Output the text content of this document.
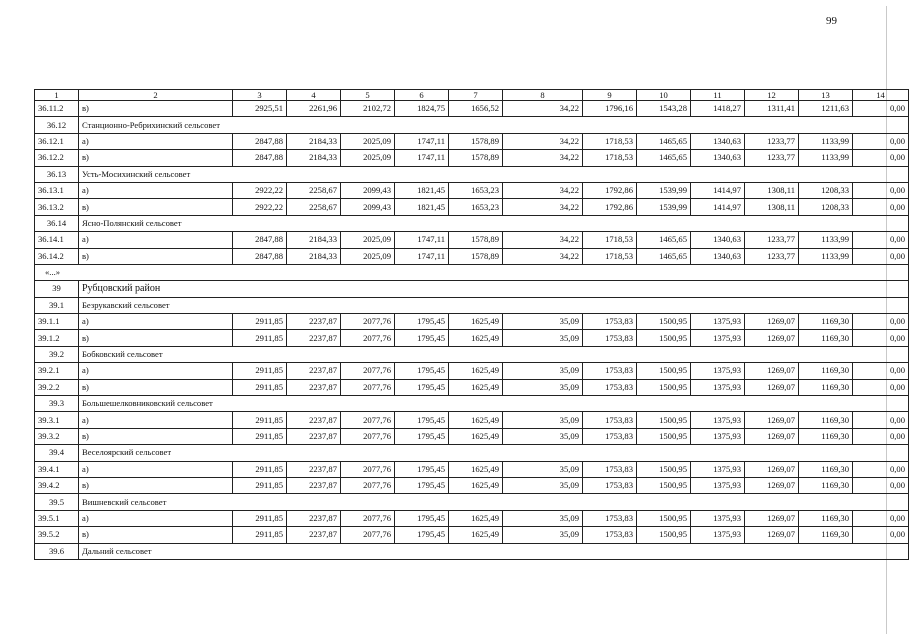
99
1	2	3	4	5	6	7	8	9	10	11	12	13	14
36.11.2	в)	2925,51	2261,96	2102,72	1824,75	1656,52	34,22	1796,16	1543,28	1418,27	1311,41	1211,63	0,00
36.12	Станционно-Ребрихинский сельсовет												
36.12.1	а)	2847,88	2184,33	2025,09	1747,11	1578,89	34,22	1718,53	1465,65	1340,63	1233,77	1133,99	0,00
36.12.2	в)	2847,88	2184,33	2025,09	1747,11	1578,89	34,22	1718,53	1465,65	1340,63	1233,77	1133,99	0,00
36.13	Усть-Мосихинский сельсовет												
36.13.1	а)	2922,22	2258,67	2099,43	1821,45	1653,23	34,22	1792,86	1539,99	1414,97	1308,11	1208,33	0,00
36.13.2	в)	2922,22	2258,67	2099,43	1821,45	1653,23	34,22	1792,86	1539,99	1414,97	1308,11	1208,33	0,00
36.14	Ясно-Полянский сельсовет												
36.14.1	а)	2847,88	2184,33	2025,09	1747,11	1578,89	34,22	1718,53	1465,65	1340,63	1233,77	1133,99	0,00
36.14.2	в)	2847,88	2184,33	2025,09	1747,11	1578,89	34,22	1718,53	1465,65	1340,63	1233,77	1133,99	0,00
«...»													
39	Рубцовский район												
39.1	Безрукавский сельсовет												
39.1.1	а)	2911,85	2237,87	2077,76	1795,45	1625,49	35,09	1753,83	1500,95	1375,93	1269,07	1169,30	0,00
39.1.2	в)	2911,85	2237,87	2077,76	1795,45	1625,49	35,09	1753,83	1500,95	1375,93	1269,07	1169,30	0,00
39.2	Бобковский сельсовет												
39.2.1	а)	2911,85	2237,87	2077,76	1795,45	1625,49	35,09	1753,83	1500,95	1375,93	1269,07	1169,30	0,00
39.2.2	в)	2911,85	2237,87	2077,76	1795,45	1625,49	35,09	1753,83	1500,95	1375,93	1269,07	1169,30	0,00
39.3	Большешелковниковский сельсовет												
39.3.1	а)	2911,85	2237,87	2077,76	1795,45	1625,49	35,09	1753,83	1500,95	1375,93	1269,07	1169,30	0,00
39.3.2	в)	2911,85	2237,87	2077,76	1795,45	1625,49	35,09	1753,83	1500,95	1375,93	1269,07	1169,30	0,00
39.4	Веселоярский сельсовет												
39.4.1	а)	2911,85	2237,87	2077,76	1795,45	1625,49	35,09	1753,83	1500,95	1375,93	1269,07	1169,30	0,00
39.4.2	в)	2911,85	2237,87	2077,76	1795,45	1625,49	35,09	1753,83	1500,95	1375,93	1269,07	1169,30	0,00
39.5	Вишневский сельсовет												
39.5.1	а)	2911,85	2237,87	2077,76	1795,45	1625,49	35,09	1753,83	1500,95	1375,93	1269,07	1169,30	0,00
39.5.2	в)	2911,85	2237,87	2077,76	1795,45	1625,49	35,09	1753,83	1500,95	1375,93	1269,07	1169,30	0,00
39.6	Дальний сельсовет												
